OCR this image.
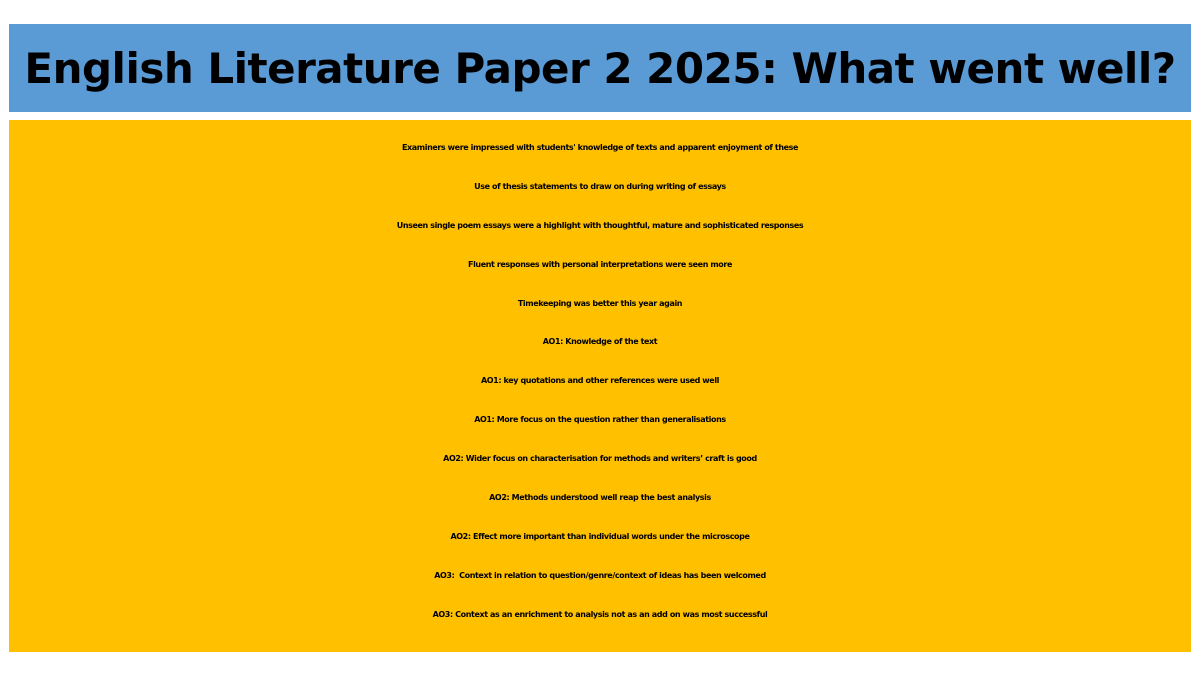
English Literature Paper 2 2025: What went well?
Examiners were impressed with students' knowledge of texts and apparent enjoyment of these
Use of thesis statements to draw on during writing of essays
Unseen single poem essays were a highlight with thoughtful, mature and sophisticated responses
Fluent responses with personal interpretations were seen more
Timekeeping was better this year again
AO1: Knowledge of the text
AO1: key quotations and other references were used well
AO1: More focus on the question rather than generalisations
AO2: Wider focus on characterisation for methods and writers’ craft is good
AO2: Methods understood well reap the best analysis
AO2: Effect more important than individual words under the microscope
AO3:  Context in relation to question/genre/context of ideas has been welcomed
AO3: Context as an enrichment to analysis not as an add on was most successful
